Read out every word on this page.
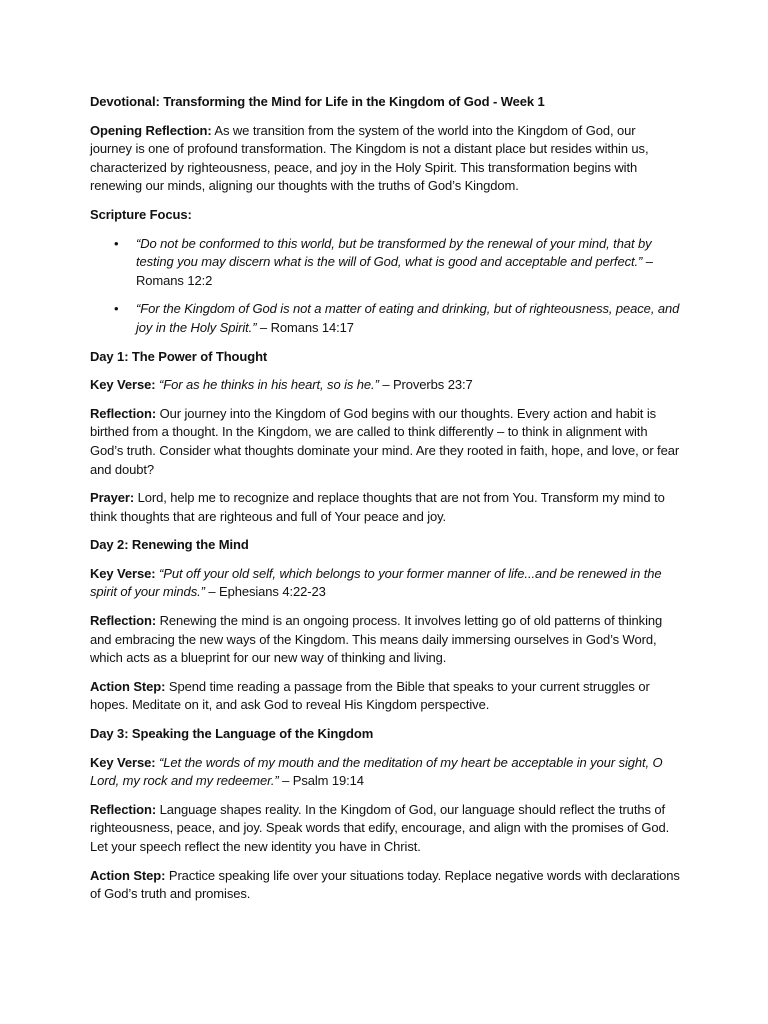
Devotional: Transforming the Mind for Life in the Kingdom of God - Week 1

Opening Reflection: As we transition from the system of the world into the Kingdom of God, our journey is one of profound transformation. The Kingdom is not a distant place but resides within us, characterized by righteousness, peace, and joy in the Holy Spirit. This transformation begins with renewing our minds, aligning our thoughts with the truths of God’s Kingdom.

Scripture Focus:

• “Do not be conformed to this world, but be transformed by the renewal of your mind, that by testing you may discern what is the will of God, what is good and acceptable and perfect.” – Romans 12:2
• “For the Kingdom of God is not a matter of eating and drinking, but of righteousness, peace, and joy in the Holy Spirit.” – Romans 14:17

Day 1: The Power of Thought

Key Verse: “For as he thinks in his heart, so is he.” – Proverbs 23:7

Reflection: Our journey into the Kingdom of God begins with our thoughts. Every action and habit is birthed from a thought. In the Kingdom, we are called to think differently – to think in alignment with God’s truth. Consider what thoughts dominate your mind. Are they rooted in faith, hope, and love, or fear and doubt?

Prayer: Lord, help me to recognize and replace thoughts that are not from You. Transform my mind to think thoughts that are righteous and full of Your peace and joy.

Day 2: Renewing the Mind

Key Verse: “Put off your old self, which belongs to your former manner of life...and be renewed in the spirit of your minds.” – Ephesians 4:22-23

Reflection: Renewing the mind is an ongoing process. It involves letting go of old patterns of thinking and embracing the new ways of the Kingdom. This means daily immersing ourselves in God’s Word, which acts as a blueprint for our new way of thinking and living.

Action Step: Spend time reading a passage from the Bible that speaks to your current struggles or hopes. Meditate on it, and ask God to reveal His Kingdom perspective.

Day 3: Speaking the Language of the Kingdom

Key Verse: “Let the words of my mouth and the meditation of my heart be acceptable in your sight, O Lord, my rock and my redeemer.” – Psalm 19:14

Reflection: Language shapes reality. In the Kingdom of God, our language should reflect the truths of righteousness, peace, and joy. Speak words that edify, encourage, and align with the promises of God. Let your speech reflect the new identity you have in Christ.

Action Step: Practice speaking life over your situations today. Replace negative words with declarations of God’s truth and promises.
